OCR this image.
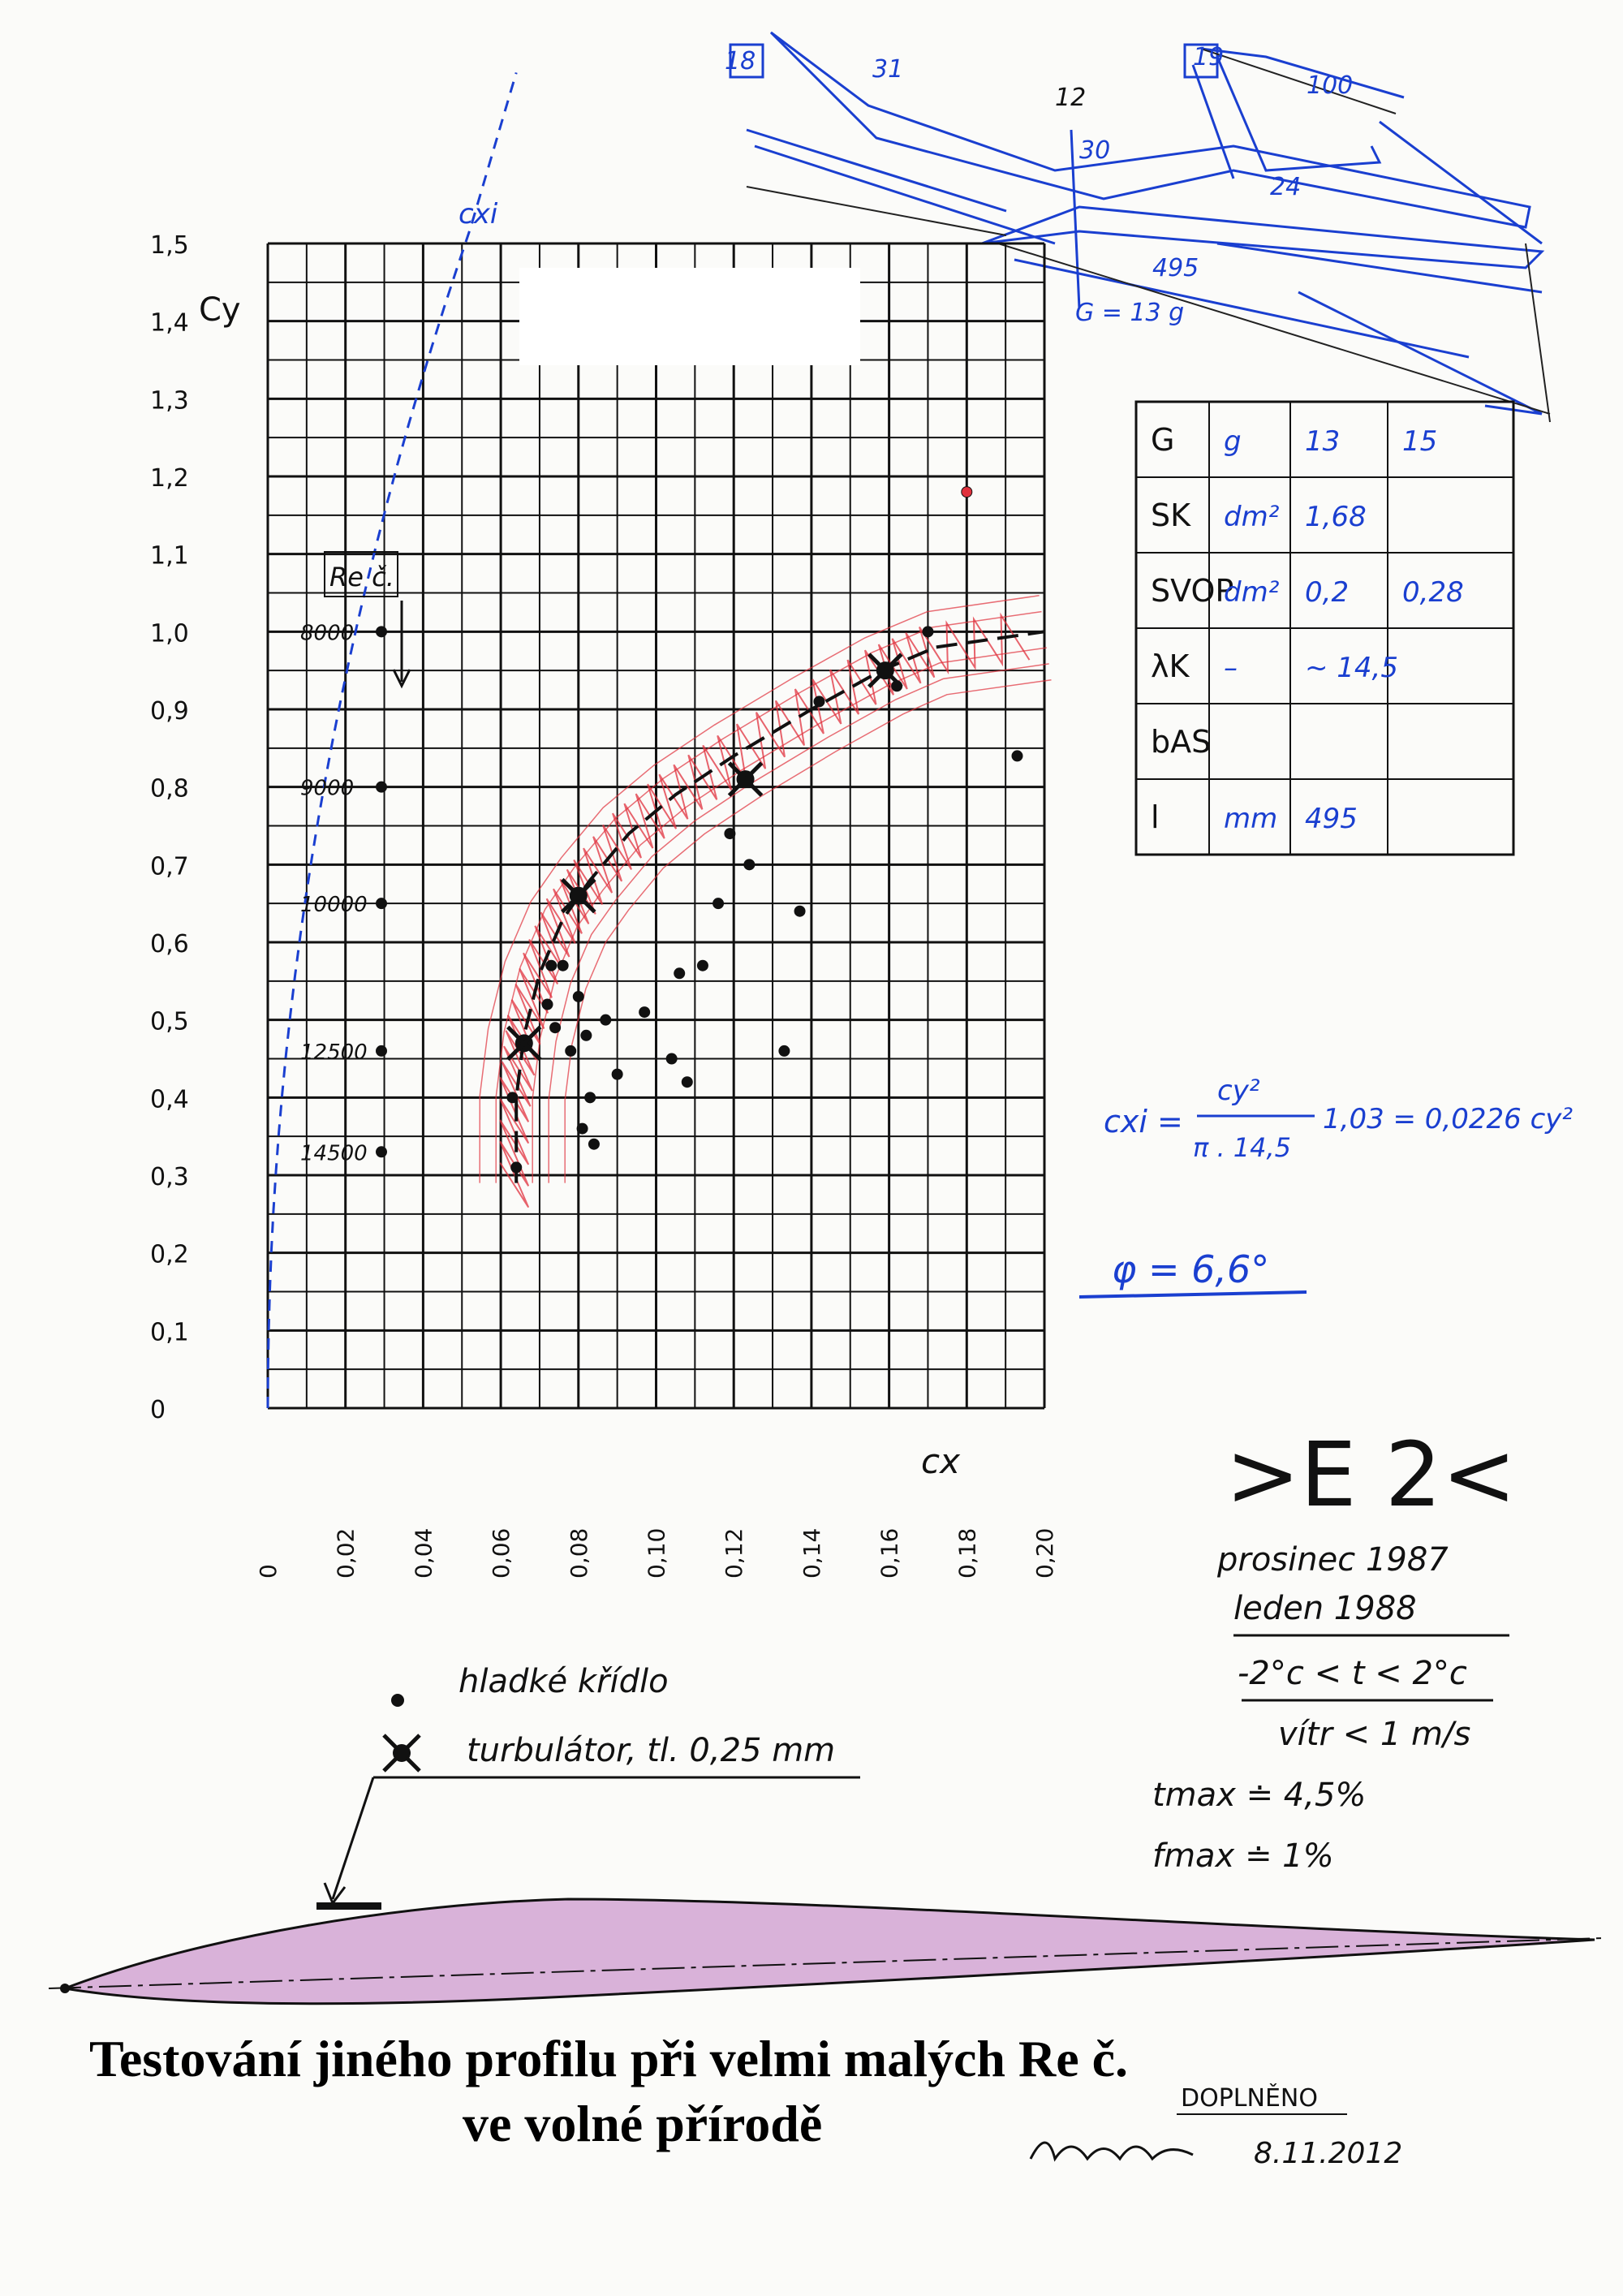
18	31
12
30
19
100
24
495
G = 13 g
0
0,1
0,2
0,3
0,4
0,5
0,6
0,7
0,8
0,9
1,0
1,1
1,2
1,3
1,4
1,5
0 0,02 0,04 0,06 0,08 0,10 0,12 0,14 0,16 0,18 0,20
8000
9000
10000
12500
14500
Cy
cx
cxi
Re č.
G g 13 15
SK dm² 1,68
SVOP
dm² 0,2 0,28
λK – ~ 14,5
bAS
l mm 495
cxi =
cy²
π . 14,5
1,03 = 0,0226 cy²
φ = 6,6°
>E 2<
prosinec 1987
leden 1988
-2°c < t < 2°c
vítr < 1 m/s
tmax ≐ 4,5%
fmax ≐ 1%
hladké křídlo
turbulátor, tl. 0,25 mm
DOPLNĚNO
8.11.2012
Testování jiného profilu při velmi malých Re č.
ve volné přírodě
